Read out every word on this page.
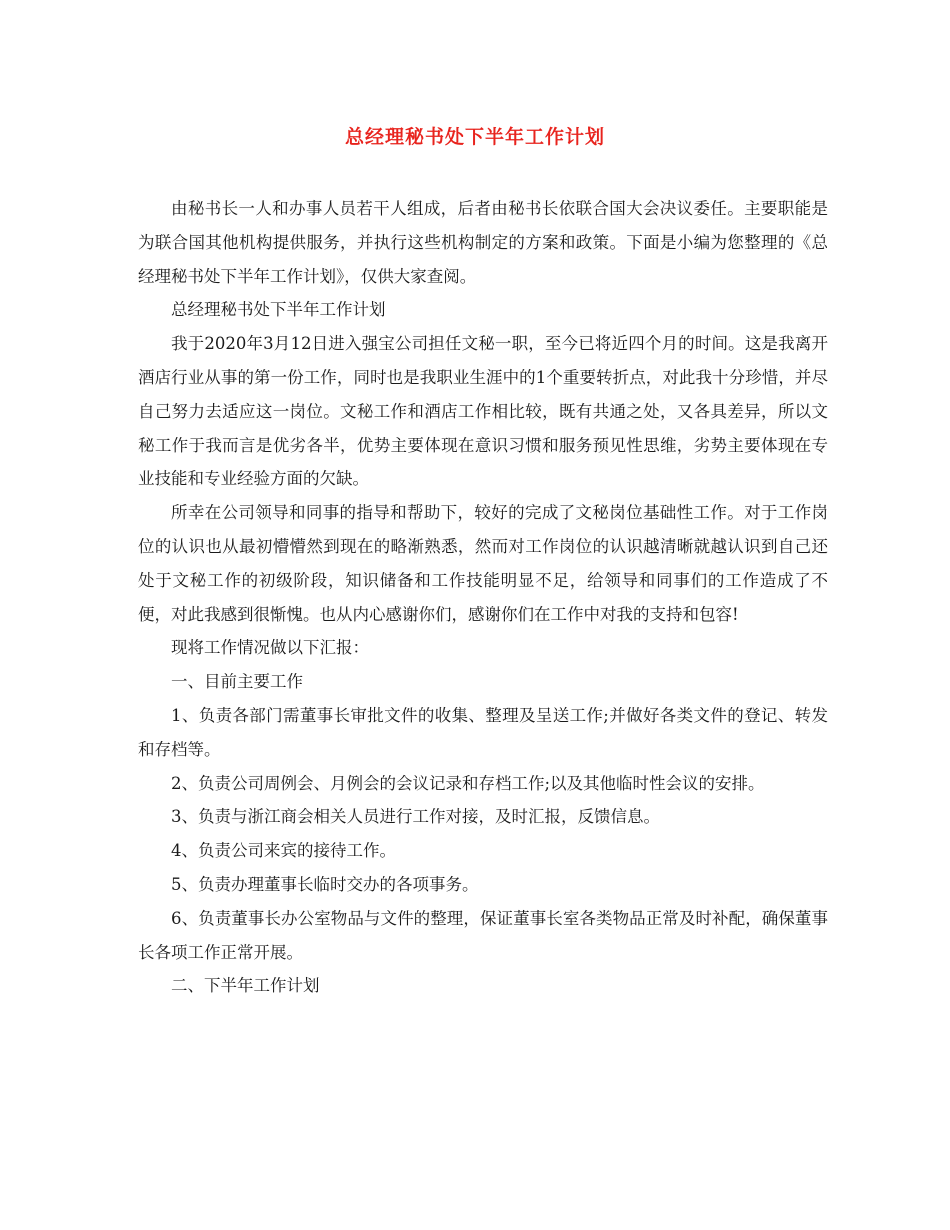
总经理秘书处下半年工作计划

由秘书长一人和办事人员若干人组成，后者由秘书长依联合国大会决议委任。主要职能是为联合国其他机构提供服务，并执行这些机构制定的方案和政策。下面是小编为您整理的《总经理秘书处下半年工作计划》，仅供大家查阅。

总经理秘书处下半年工作计划

我于2020年3月12日进入强宝公司担任文秘一职，至今已将近四个月的时间。这是我离开酒店行业从事的第一份工作，同时也是我职业生涯中的1个重要转折点，对此我十分珍惜，并尽自己努力去适应这一岗位。文秘工作和酒店工作相比较，既有共通之处，又各具差异，所以文秘工作于我而言是优劣各半，优势主要体现在意识习惯和服务预见性思维，劣势主要体现在专业技能和专业经验方面的欠缺。

所幸在公司领导和同事的指导和帮助下，较好的完成了文秘岗位基础性工作。对于工作岗位的认识也从最初懵懵然到现在的略渐熟悉，然而对工作岗位的认识越清晰就越认识到自己还处于文秘工作的初级阶段，知识储备和工作技能明显不足，给领导和同事们的工作造成了不便，对此我感到很惭愧。也从内心感谢你们，感谢你们在工作中对我的支持和包容!

现将工作情况做以下汇报：

一、目前主要工作

1、负责各部门需董事长审批文件的收集、整理及呈送工作;并做好各类文件的登记、转发和存档等。

2、负责公司周例会、月例会的会议记录和存档工作;以及其他临时性会议的安排。

3、负责与浙江商会相关人员进行工作对接，及时汇报，反馈信息。

4、负责公司来宾的接待工作。

5、负责办理董事长临时交办的各项事务。

6、负责董事长办公室物品与文件的整理，保证董事长室各类物品正常及时补配，确保董事长各项工作正常开展。

二、下半年工作计划
